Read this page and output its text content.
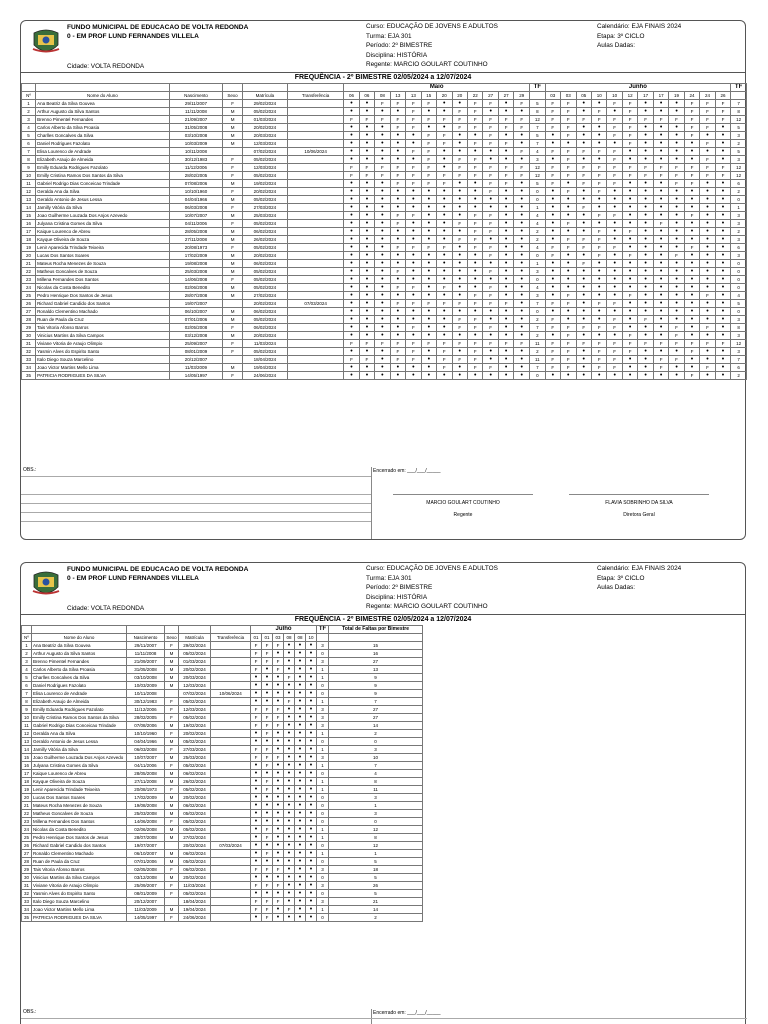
FUNDO MUNICIPAL DE EDUCACAO DE VOLTA REDONDA
0 - EM PROF LUND FERNANDES VILLELA
Cidade: VOLTA REDONDA
Curso: EDUCAÇÃO DE JOVENS E ADULTOS
Turma: EJA 301
Período: 2º BIMESTRE
Disciplina: HISTÓRIA
Regente: MARCIO GOULART COUTINHO
Calendário: EJA FINAIS 2024
Etapa: 3º CICLO
Aulas Dadas:
FREQUÊNCIA - 2º BIMESTRE 02/05/2024 a 12/07/2024
						Maio												TF	Junho												TF
Nº	Nome do Aluno	Nascimento	Sexo	Matrícula	Transferência	06	06	08	13	13	15	20	20	22	27	27	29		03	03	05	10	10	12	17	17	19	24	24	26	
1	Ana Beatriz da Silva Gouvea	29/11/2007	F	29/02/2024		•	•	F	F	F	F	•	•	F	F	•	F	5	F	F	•	•	F	F	•	•	•	F	F	F	7
2	Arthur Augusto da Silva Santos	11/11/2008	M	05/02/2024		•	•	•	•	F	•	•	F	F	•	•	•	8	F	F	•	F	•	F	•	•	•	F	F	F	8
3	Brenno Pimentel Fernandes	21/09/2007	M	01/03/2024		F	F	F	F	F	F	F	F	F	F	F	F	12	F	F	F	F	F	F	F	F	F	F	F	F	12
4	Carlos Alberto da Silva Proasia	31/05/2008	M	20/02/2024		•	•	•	F	F	•	•	F	F	F	F	F	7	F	F	•	•	F	F	•	•	•	F	F	•	5
5	Charlles Goncalves da Silva	03/10/2008	M	20/03/2024		•	•	•	•	•	F	F	•	•	F	•	•	5	•	F	•	•	F	F	•	•	•	F	•	•	3
6	Daniel Rodrigues Fazolato	10/03/2009	M	12/03/2024		•	•	•	•	•	F	F	•	F	F	F	•	7	•	•	•	•	•	F	•	•	•	•	F	•	2
7	Elisa Lourenco de Andrade	10/11/2008		07/02/2024	10/06/2024	•	•	•	•	F	F	•	•	•	•	•	F	4	F	F	F	F	F	•	•	•	•	•	•	•	5
8	Elizabeth Araujo de Almeida	30/12/1983	F	05/02/2024		•	•	•	•	•	F	•	F	F	•	•	•	3	•	F	•	•	F	•	•	•	•	•	F	•	3
9	Emilly Eduarda Rodrigues Fazolato	11/12/2006	F	12/03/2024		F	F	F	F	F	F	•	F	F	F	F	F	12	F	F	F	F	F	F	F	F	F	F	F	F	12
10	Emilly Cristina Ramos Dos Santos da Silva	28/02/2005	F	05/02/2024		F	F	F	F	F	F	F	F	F	F	F	F	12	F	F	F	F	F	F	F	F	F	F	F	F	12
11	Gabriel Rodrigo Dias Conceicao Trindade	07/08/2006	M	19/02/2024		•	•	•	F	F	F	F	•	•	F	F	•	5	F	•	F	F	F	•	•	•	F	F	•	•	6
12	Geralda Ana da Silva	10/10/1960	F	20/02/2024		•	•	•	•	•	•	•	•	•	F	•	•	0	•	F	•	F	•	•	•	•	•	•	•	•	2
13	Geraldo Antonio de Jesus Lessa	04/04/1966	M	05/02/2024		•	•	•	•	•	•	•	•	•	•	•	•	0	•	•	•	•	•	•	•	•	•	•	•	•	0
14	Jamilly Vitória da Silva	06/03/2008	F	27/03/2024		•	•	•	•	•	•	•	•	•	•	•	•	1	•	•	F	•	•	•	•	•	•	•	•	•	1
15	Joao Guilherme Louzada Dos Anjos Azevedo	10/07/2007	M	25/03/2024		•	•	•	F	F	•	•	•	F	F	•	•	4	•	•	•	F	F	•	•	•	•	F	•	•	3
16	Julyana Cristina Gomes da Silva	04/11/2006	F	05/02/2024		•	•	•	F	•	•	•	F	F	F	•	•	4	•	F	•	•	•	•	•	F	•	•	•	•	3
17	Kaique Lourenco de Abreu	28/05/2008	M	06/02/2024		•	•	•	•	•	•	•	•	F	F	•	•	2	•	•	•	F	•	F	•	•	•	•	•	•	2
18	Kayque Oliveira de Souza	27/11/2008	M	26/02/2024		•	•	•	•	•	•	•	F	F	•	•	•	2	•	F	F	F	•	•	•	•	•	•	•	•	3
19	Lenir Aparecida Trindade Teixeira	20/08/1973	F	05/02/2024		•	•	•	F	F	F	F	•	F	F	•	•	4	F	F	F	F	F	•	•	•	•	F	•	•	6
20	Lucas Dos Santos Soares	17/02/2009	M	20/02/2024		•	•	•	•	•	•	•	•	•	F	•	•	0	F	•	•	F	•	F	•	•	F	•	•	•	3
21	Mateus Rocha Menezes de Souza	19/08/2008	M	06/02/2024		•	•	•	•	•	•	•	•	•	•	•	•	1	•	•	F	•	•	•	•	•	•	•	•	•	0
22	Matheus Goncalves de Souza	25/03/2008	M	05/02/2024		•	•	•	F	•	•	•	•	•	F	•	•	3	•	•	•	•	•	•	•	•	•	•	•	•	0
23	Millena Fernandes Dos Santos	14/06/2008	F	05/02/2024		•	•	•	•	•	•	•	•	•	•	•	•	0	•	•	•	•	•	•	•	•	•	•	•	•	0
24	Nicolas da Costa Benedito	02/06/2008	M	05/02/2024		•	•	•	F	F	•	F	•	•	F	•	•	4	•	•	•	•	•	•	•	•	•	•	•	•	0
25	Pedro Henrique Dos Santos de Jesus	28/07/2008	M	27/02/2024		•	•	•	•	•	•	•	•	F	F	•	•	3	•	F	•	•	•	F	•	•	•	•	F	•	4
26	Richard Gabriel Candido dos Santos	19/07/2007		20/02/2024	07/03/2024	•	•	•	F	F	F	F	F	F	F	F	•	7	F	F	•	F	F	•	•	•	•	•	•	•	5
27	Ronaldo Clementino Machado	06/10/2007	M	06/02/2024		•	•	•	•	•	•	•	•	•	•	•	•	0	•	•	•	•	•	•	•	•	•	•	•	•	0
28	Ruan de Paula da Cruz	07/01/2006	M	05/02/2024		•	•	•	•	•	•	•	F	F	•	•	•	2	F	•	•	•	F	•	F	•	•	•	•	•	3
29	Tais Vitoria Afonso Barros	02/05/2008	F	06/02/2024		•	•	•	•	F	•	•	F	F	F	•	•	7	F	F	F	F	F	•	•	•	F	•	F	•	8
30	Vinicius Martins da Silva Campos	03/12/2008	M	20/02/2024		•	•	•	•	•	•	•	•	•	•	•	•	2	•	F	•	•	•	F	•	•	F	•	•	•	3
31	Viviane Vitoria de Araujo Olimpio	25/09/2007	F	11/03/2024		F	F	F	F	F	F	F	F	F	F	F	F	11	F	F	F	F	F	F	F	F	F	F	F	F	12
32	Yasmin Alves do Espirito Santo	08/01/2009	F	05/02/2024		•	•	•	F	F	•	F	•	F	•	•	•	2	F	F	•	F	F	F	•	•	•	F	•	•	3
33	Italo Diego Souza Marcelino	20/12/2007		18/04/2024		F	F	•	F	F	•	F	F	F	•	•	•	11	F	F	•	F	F	•	•	F	F	•	•	•	7
34	Joao Victor Martins Mello Lima	11/03/2009	M	19/04/2024		•	•	•	•	•	•	F	•	F	F	•	•	7	F	F	•	F	F	•	•	F	•	•	F	•	6
35	PATRICIA RODRIGUES DA SILVA	14/05/1997	F	24/06/2024		•	•	•	•	•	•	•	•	•	•	•	•	0	•	•	•	•	•	•	•	•	•	F	•	•	2
OBS.:	Encerrado em: ___/___/_____
MARCIO GOULART COUTINHO
Regente
FLAVIA SOBRINHO DA SILVA
Diretora Geral
FUNDO MUNICIPAL DE EDUCACAO DE VOLTA REDONDA
0 - EM PROF LUND FERNANDES VILLELA
Cidade: VOLTA REDONDA
Curso: EDUCAÇÃO DE JOVENS E ADULTOS
Turma: EJA 301
Período: 2º BIMESTRE
Disciplina: HISTÓRIA
Regente: MARCIO GOULART COUTINHO
Calendário: EJA FINAIS 2024
Etapa: 3º CICLO
Aulas Dadas:
FREQUÊNCIA - 2º BIMESTRE 02/05/2024 a 12/07/2024
						Julho						TF	Total de Faltas por Bimestre
Nº	Nome do Aluno	Nascimento	Sexo	Matrícula	Transferência	01	01	03	08	08	10		
1	Ana Beatriz da Silva Gouvea	29/11/2007	F	29/02/2024		F	F	F	•	•	•	3	15
2	Arthur Augusto da Silva Santos	11/11/2008	M	05/02/2024		F	F	•	•	•	•	0	16
3	Brenno Pimentel Fernandes	21/09/2007	M	01/03/2024		F	F	F	•	•	•	3	27
4	Carlos Alberto da Silva Proasia	31/05/2008	M	20/02/2024		F	•	F	•	•	•	1	13
5	Charlles Goncalves da Silva	03/10/2008	M	20/03/2024		•	•	•	F	•	•	1	9
6	Daniel Rodrigues Fazolato	10/03/2009	M	12/03/2024		•	•	•	•	•	•	0	9
7	Elisa Lourenco de Andrade	10/11/2008		07/02/2024	10/06/2024	•	•	•	•	•	•	0	9
8	Elizabeth Araujo de Almeida	30/12/1983	F	05/02/2024		•	•	•	F	•	•	1	7
9	Emilly Eduarda Rodrigues Fazolato	11/12/2006	F	12/03/2024		F	F	F	•	•	•	3	27
10	Emilly Cristina Ramos Dos Santos da Silva	28/02/2005	F	05/02/2024		F	F	F	•	•	•	3	27
11	Gabriel Rodrigo Dias Conceicao Trindade	07/08/2006	M	19/02/2024		F	F	F	•	•	•	3	14
12	Geralda Ana da Silva	10/10/1960	F	20/02/2024		•	F	•	•	•	•	1	2
13	Geraldo Antonio de Jesus Lessa	04/04/1966	M	05/02/2024		•	•	•	•	•	•	0	0
14	Jamilly Vitória da Silva	06/03/2008	F	27/03/2024		F	F	•	•	•	•	1	3
15	Joao Guilherme Louzada Dos Anjos Azevedo	10/07/2007	M	25/03/2024		F	F	F	•	•	•	3	10
16	Julyana Cristina Gomes da Silva	04/11/2006	F	05/02/2024		•	F	•	•	•	•	1	7
17	Kaique Lourenco de Abreu	28/05/2008	M	06/02/2024		•	•	•	•	•	•	0	4
18	Kayque Oliveira de Souza	27/11/2008	M	26/02/2024		•	F	•	•	•	•	1	8
19	Lenir Aparecida Trindade Teixeira	20/08/1973	F	05/02/2024		•	F	•	•	•	•	1	11
20	Lucas Dos Santos Soares	17/02/2009	M	20/02/2024		•	•	•	•	•	•	0	3
21	Mateus Rocha Menezes de Souza	19/08/2008	M	06/02/2024		•	•	•	•	•	•	0	1
22	Matheus Goncalves de Souza	25/03/2008	M	05/02/2024		•	•	•	•	•	•	0	3
23	Millena Fernandes Dos Santos	14/06/2008	F	05/02/2024		•	•	•	•	•	•	0	0
24	Nicolas da Costa Benedito	02/06/2008	M	05/02/2024		•	F	•	•	•	•	1	12
25	Pedro Henrique Dos Santos de Jesus	28/07/2008	M	27/02/2024		•	F	•	•	•	•	1	8
26	Richard Gabriel Candido dos Santos	19/07/2007		20/02/2024	07/03/2024	•	•	•	•	•	•	0	12
27	Ronaldo Clementino Machado	06/10/2007	M	06/02/2024		•	F	•	•	•	•	1	1
28	Ruan de Paula da Cruz	07/01/2006	M	05/02/2024		•	•	•	•	•	•	0	5
29	Tais Vitoria Afonso Barros	02/05/2008	F	06/02/2024		F	F	F	•	•	•	3	18
30	Vinicius Martins da Silva Campos	03/12/2008	M	20/02/2024		•	•	•	•	•	•	0	5
31	Viviane Vitoria de Araujo Olimpio	25/09/2007	F	11/03/2024		F	F	F	•	•	•	3	26
32	Yasmin Alves do Espirito Santo	08/01/2009	F	05/02/2024		•	•	•	•	•	•	0	5
33	Italo Diego Souza Marcelino	20/12/2007		18/04/2024		F	F	F	•	•	•	3	21
34	Joao Victor Martins Mello Lima	11/03/2009	M	19/04/2024		F	F	•	F	•	•	1	14
35	PATRICIA RODRIGUES DA SILVA	14/05/1997	F	24/06/2024		•	F	•	•	•	•	0	2
OBS.:	Encerrado em: ___/___/_____
